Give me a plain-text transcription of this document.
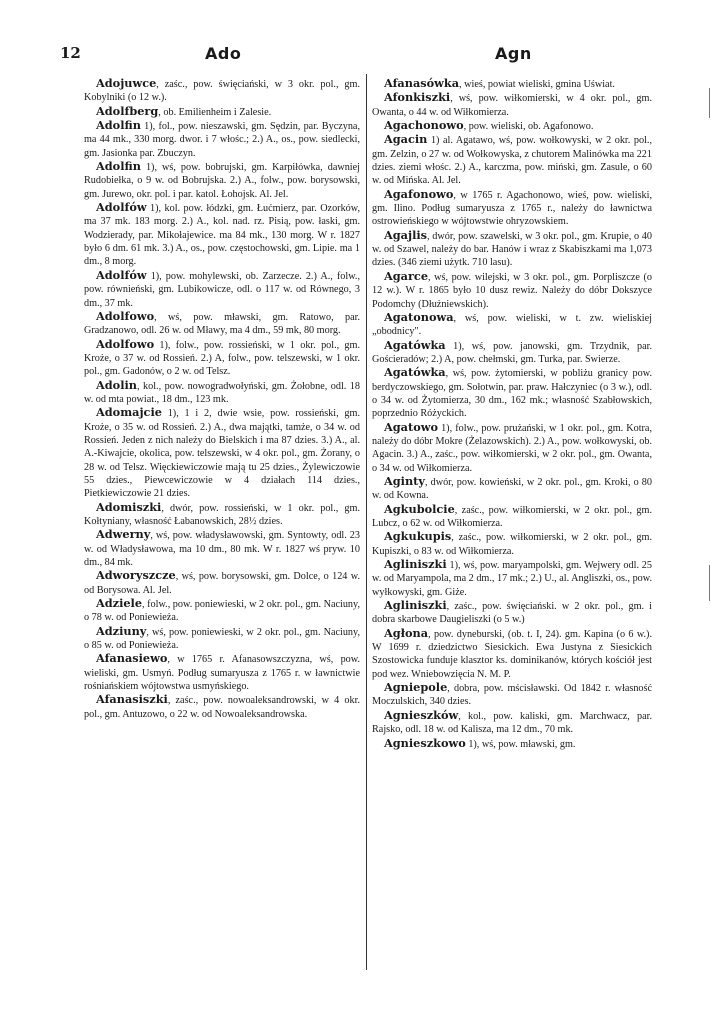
12	Ado	Agn

Adojuwce, zaśc., pow. święciański, w 3 okr. pol., gm. Kobylniki (o 12 w.).

Adolfberg, ob. Emilienheim i Zalesie.

Adolfin 1), fol., pow. nieszawski, gm. Sędzin, par. Byczyna, ma 44 mk., 330 morg. dwor. i 7 włośc.; 2.) A., os., pow. siedlecki, gm. Jasionka par. Zbuczyn.

Adolfin 1), wś, pow. bobrujski, gm. Karpiłówka, dawniej Rudobiełka, o 9 w. od Bobrujska. 2.) A., folw., pow. borysowski, gm. Jurewo, okr. pol. i par. katol. Łohojsk. Al. Jel.

Adolfów 1), kol. pow. łódzki, gm. Łućmierz, par. Ozorków, ma 37 mk. 183 morg. 2.) A., kol. nad. rz. Pisią, pow. łaski, gm. Wodzierady, par. Mikołajewice. ma 84 mk., 130 morg. W r. 1827 było 6 dm. 61 mk. 3.) A., os., pow. częstochowski, gm. Lipie. ma 1 dm., 8 morg.

Adolfów 1), pow. mohylewski, ob. Zarzecze. 2.) A., folw., pow. równieński, gm. Lubikowicze, odl. o 117 w. od Równego, 3 dm., 37 mk.

Adolfowo, wś, pow. mławski, gm. Ratowo, par. Gradzanowo, odl. 26 w. od Mławy, ma 4 dm., 59 mk, 80 morg.

Adolfowo 1), folw., pow. rossieński, w 1 okr. pol., gm. Kroże, o 37 w. od Rossień. 2.) A, folw., pow. telszewski, w 1 okr. pol., gm. Gadonów, o 2 w. od Telsz.

Adolin, kol., pow. nowogradwołyński, gm. Żołobne, odl. 18 w. od mta powiat., 18 dm., 123 mk.

Adomajcie 1), 1 i 2, dwie wsie, pow. rossieński, gm. Kroże, o 35 w. od Rossień. 2.) A., dwa majątki, tamże, o 34 w. od Rossień. Jeden z nich należy do Bielskich i ma 87 dzies. 3.) A., al. A.-Kiwajcie, okolica, pow. telszewski, w 4 okr. pol., gm. Żorany, o 28 w. od Telsz. Więckiewiczowie mają tu 25 dzies., Żylewiczowie 55 dzies., Piewcewiczowie w 4 działach 114 dzies., Pietkiewiczowie 21 dzies.

Adomiszki, dwór, pow. rossieński, w 1 okr. pol., gm. Kołtyniany, własność Łabanowskich, 28½ dzies.

Adwerny, wś, pow. władysławowski, gm. Syntowty, odl. 23 w. od Władysławowa, ma 10 dm., 80 mk. W r. 1827 wś pryw. 10 dm., 84 mk.

Adworyszcze, wś, pow. borysowski, gm. Dolce, o 124 w. od Borysowa. Al. Jel.

Adziele, folw., pow. poniewieski, w 2 okr. pol., gm. Naciuny, o 78 w. od Poniewieża.

Adziuny, wś, pow. poniewieski, w 2 okr. pol., gm. Naciuny, o 85 w. od Poniewieża.

Afanasiewo, w 1765 r. Afanasowszczyzna, wś, pow. wieliski, gm. Usmyń. Podług sumaryusza z 1765 r. w ławnictwie rośniańskiem wójtowstwa usmyńskiego.

Afanasiszki, zaśc., pow. nowoaleksandrowski, w 4 okr. pol., gm. Antuzowo, o 22 w. od Nowoaleksandrowska.

Afanasówka, wieś, powiat wieliski, gmina Uświat.

Afonkiszki, wś, pow. wiłkomierski, w 4 okr. pol., gm. Owanta, o 44 w. od Wiłkomierza.

Agachonowo, pow. wieliski, ob. Agafonowo.

Agacin 1) al. Agatawo, wś, pow. wołkowyski, w 2 okr. pol., gm. Zelzin, o 27 w. od Wołkowyska, z chutorem Malinówka ma 221 dzies. ziemi włośc. 2.) A., karczma, pow. miński, gm. Zasule, o 60 w. od Mińska. Al. Jel.

Agafonowo, w 1765 r. Agachonowo, wieś, pow. wieliski, gm. Ilino. Podług sumaryusza z 1765 r., należy do ławnictwa ostrowieńskiego w wójtowstwie ohryzowskiem.

Agajlis, dwór, pow. szawelski, w 3 okr. pol., gm. Krupie, o 40 w. od Szawel, należy do bar. Hanów i wraz z Skabiszkami ma 1,073 dzies. (346 ziemi użytk. 710 lasu).

Agarce, wś, pow. wilejski, w 3 okr. pol., gm. Porpliszcze (o 12 w.). W r. 1865 było 10 dusz rewiz. Należy do dóbr Dokszyce Podomchy (Dłużniewskich).

Agatonowa, wś, pow. wieliski, w t. zw. wieliskiej „obodnicy".

Agatówka 1), wś, pow. janowski, gm. Trzydnik, par. Gościeradów; 2.) A, pow. chełmski, gm. Turka, par. Swierze.

Agatówka, wś, pow. żytomierski, w pobliżu granicy pow. berdyczowskiego, gm. Sołotwin, par. praw. Hałczyniec (o 3 w.), odl. o 34 w. od Żytomierza, 30 dm., 162 mk.; własność Szabłowskich, poprzednio Różyckich.

Agatowo 1), folw., pow. prużański, w 1 okr. pol., gm. Kotra, należy do dóbr Mokre (Żelazowskich). 2.) A., pow. wołkowyski, ob. Agacin. 3.) A., zaśc., pow. wiłkomierski, w 2 okr. pol., gm. Owanta, o 34 w. od Wiłkomierza.

Aginty, dwór, pow. kowieński, w 2 okr. pol., gm. Kroki, o 80 w. od Kowna.

Agkubolcie, zaśc., pow. wiłkomierski, w 2 okr. pol., gm. Lubcz, o 62 w. od Wiłkomierza.

Agkukupis, zaśc., pow. wiłkomierski, w 2 okr. pol., gm. Kupiszki, o 83 w. od Wiłkomierza.

Agliniszki 1), wś, pow. maryampolski, gm. Wejwery odl. 25 w. od Maryampola, ma 2 dm., 17 mk.; 2.) U., al. Angliszki, os., pow. wyłkowyski, gm. Giże.

Agliniszki, zaśc., pow. święciański. w 2 okr. pol., gm. i dobra skarbowe Daugieliszki (o 5 w.)

Agłona, pow. dyneburski, (ob. t. I, 24). gm. Kapina (o 6 w.). W 1699 r. dziedzictwo Siesickich. Ewa Justyna z Siesickich Szostowicka funduje klasztor ks. dominikanów, których kościół jest pod wez. Wniebowzięcia N. M. P.

Agniepole, dobra, pow. mścisławski. Od 1842 r. własność Moczulskich, 340 dzies.

Agnieszków, kol., pow. kaliski, gm. Marchwacz, par. Rajsko, odl. 18 w. od Kalisza, ma 12 dm., 70 mk.

Agnieszkowo 1), wś, pow. mławski, gm.
